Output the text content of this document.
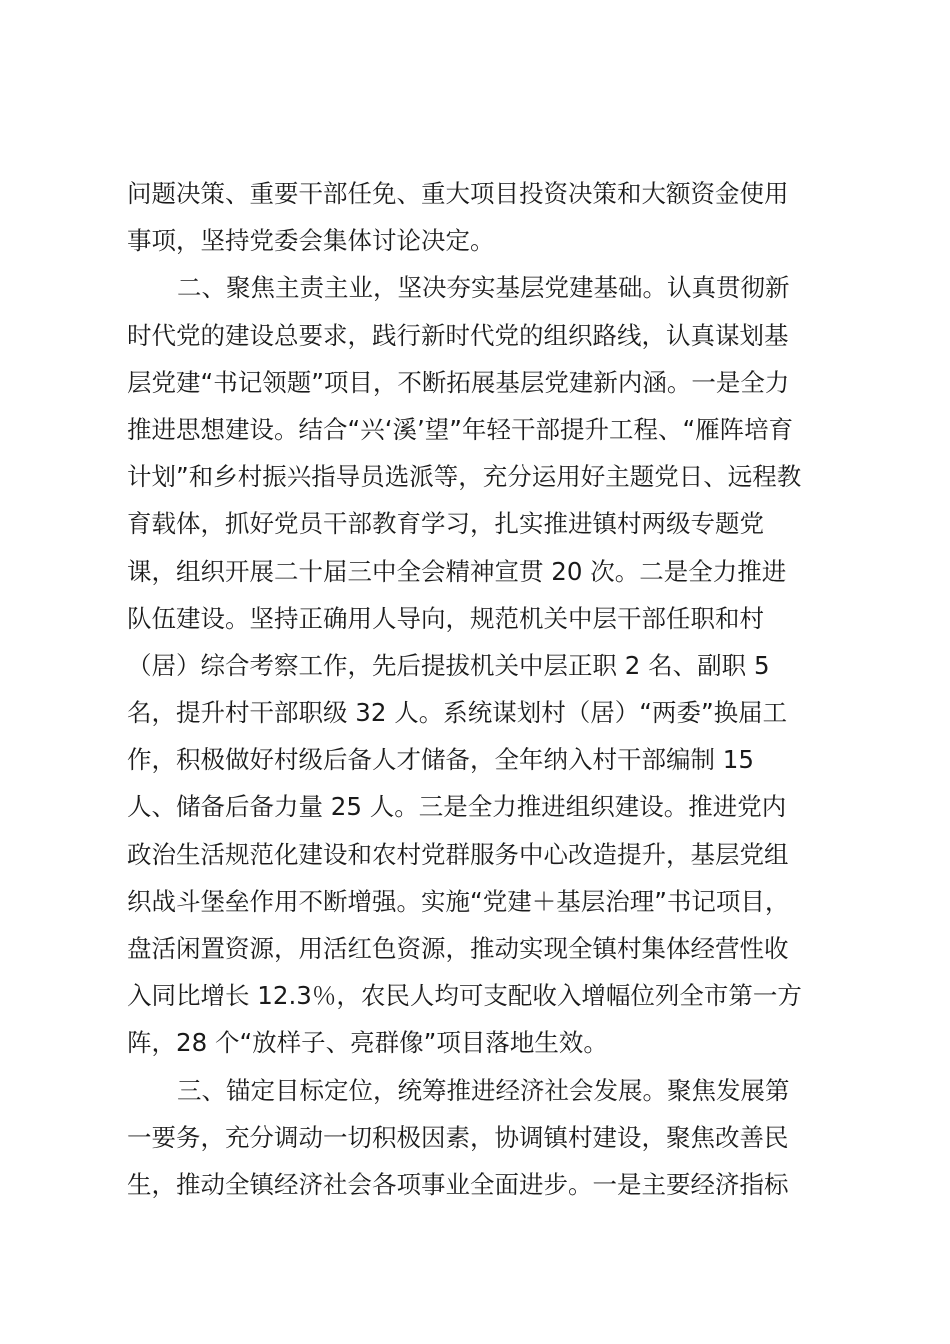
问题决策、重要干部任免、重大项目投资决策和大额资金使用
事项，坚持党委会集体讨论决定。
二、聚焦主责主业，坚决夯实基层党建基础。认真贯彻新
时代党的建设总要求，践行新时代党的组织路线，认真谋划基
层党建“书记领题”项目，不断拓展基层党建新内涵。一是全力
推进思想建设。结合“兴‘溪’望”年轻干部提升工程、“雁阵培育
计划”和乡村振兴指导员选派等，充分运用好主题党日、远程教
育载体，抓好党员干部教育学习，扎实推进镇村两级专题党
课，组织开展二十届三中全会精神宣贯 20 次。二是全力推进
队伍建设。坚持正确用人导向，规范机关中层干部任职和村
（居）综合考察工作，先后提拔机关中层正职 2 名、副职 5
名，提升村干部职级 32 人。系统谋划村（居）“两委”换届工
作，积极做好村级后备人才储备，全年纳入村干部编制 15
人、储备后备力量 25 人。三是全力推进组织建设。推进党内
政治生活规范化建设和农村党群服务中心改造提升，基层党组
织战斗堡垒作用不断增强。实施“党建＋基层治理”书记项目，
盘活闲置资源，用活红色资源，推动实现全镇村集体经营性收
入同比增长 12.3％，农民人均可支配收入增幅位列全市第一方
阵，28 个“放样子、亮群像”项目落地生效。
三、锚定目标定位，统筹推进经济社会发展。聚焦发展第
一要务，充分调动一切积极因素，协调镇村建设，聚焦改善民
生，推动全镇经济社会各项事业全面进步。一是主要经济指标
